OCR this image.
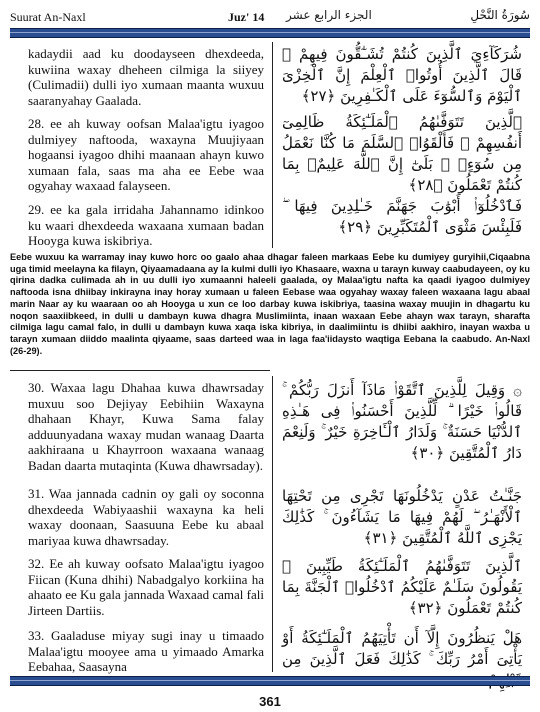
Suurat An-Naxl	Juz' 14 الجزء الرابع عشر	سُورَةُ النَّحْلِ
kadaydii aad ku doodayseen dhexdeeda, kuwiina waxay dheheen cilmiga la siiyey (Culimadii) dulli iyo xumaan maanta wuxuu saaranyahay Gaalada.
28. ee ah kuway oofsan Malaa'igtu iyagoo dulmiyey naftooda, waxayna Muujiyaan hogaansi iyagoo dhihi maanaan ahayn kuwo xumaan fala, saas ma aha ee Eebe waa ogyahay waxaad falayseen.
29. ee ka gala irridaha Jahannamo idinkoo ku waari dhexdeeda waxaana xumaan badan Hooyga kuwa iskibriya.
شُرَكَآءِيَ ٱلَّذِينَ كُنتُمْ تُشَـٰٓقُّونَ فِيهِمْ ۚ قَالَ ٱلَّذِينَ أُوتُوا۟ ٱلْعِلْمَ إِنَّ ٱلْخِزْىَ ٱلْيَوْمَ وَٱلسُّوٓءَ عَلَى ٱلْكَـٰفِرِينَ ﴿٢٧﴾
ٱلَّذِينَ تَتَوَفَّىٰهُمُ ٱلْمَلَـٰٓئِكَةُ ظَالِمِىٓ أَنفُسِهِمْ ۖ فَأَلْقَوُا۟ ٱلسَّلَمَ مَا كُنَّا نَعْمَلُ مِن سُوٓءٍۭ ۚ بَلَىٰٓ إِنَّ ٱللَّهَ عَلِيمٌۢ بِمَا كُنتُمْ تَعْمَلُونَ ﴿٢٨﴾
فَٱدْخُلُوٓا۟ أَبْوَٰبَ جَهَنَّمَ خَـٰلِدِينَ فِيهَا ۖ فَلَبِئْسَ مَثْوَى ٱلْمُتَكَبِّرِينَ ﴿٢٩﴾
Eebe wuxuu ka warramay inay kuwo horc oo gaalo ahaa dhagar faleen markaas Eebe ku dumiyey guryihii,Ciqaabna uga timid meelayna ka filayn, Qiyaamadaana ay la kulmi dulli iyo Khasaare, waxna u tarayn kuway caabudayeen, oy ku qirina dadka culimada ah in uu dulli iyo xumaanni haleeli gaalada, oy Malaa'igtu nafta ka qaadi iyagoo dulmiyey naftooda isna dhiibay inkirayna inay horay xumaan u faleen Eebase waa ogyahay waxay faleen waxaana lagu abaal marin Naar ay ku waaraan oo ah Hooyga u xun ce loo darbay kuwa iskibriya, taasina waxay muujin in dhagartu ku noqon saaxiibkeed, in dulli u dambayn kuwa dhagra Muslimiinta, inaan waxaan Eebe ahayn wax tarayn, sharafta cilmiga lagu camal falo, in dulli u dambayn kuwa xaqa iska kibriya, in daalimiintu is dhiibi aakhiro, inayan waxba u tarayn xumaan diiddo maalinta qiyaame, saas darteed waa in laga faa'iidaysto waqtiga Eebana la caabudo. An-Naxl (26-29).
30. Waxaa lagu Dhahaa kuwa dhawrsaday muxuu soo Dejiyay Eebihiin Waxayna dhahaan Khayr, Kuwa Sama falay adduunyadana waxay mudan wanaag Daarta aakhiraana u Khayrroon waxaana wanaag Badan daarta mutaqinta (Kuwa dhawrsaday).
31. Waa jannada cadnin oy gali oy soconna dhexdeeda Wabiyaashii waxayna ka heli waxay doonaan, Saasuuna Eebe ku abaal mariyaa kuwa dhawrsaday.
32. Ee ah kuway oofsato Malaa'igtu iyagoo Fiican (Kuna dhihi) Nabadgalyo korkiina ha ahaato ee Ku gala jannada Waxaad camal fali Jirteen Dartiis.
33. Gaaladuse miyay sugi inay u timaado Malaa'igtu mooyee ama u yimaado Amarka Eebahaa, Saasayna
۞ وَقِيلَ لِلَّذِينَ ٱتَّقَوْا۟ مَاذَآ أَنزَلَ رَبُّكُمْ ۚ قَالُوا۟ خَيْرًا ۗ لِّلَّذِينَ أَحْسَنُوا۟ فِى هَـٰذِهِ ٱلدُّنْيَا حَسَنَةٌ ۚ وَلَدَارُ ٱلْـَٔاخِرَةِ خَيْرٌ ۚ وَلَنِعْمَ دَارُ ٱلْمُتَّقِينَ ﴿٣٠﴾
جَنَّـٰتُ عَدْنٍ يَدْخُلُونَهَا تَجْرِى مِن تَحْتِهَا ٱلْأَنْهَـٰرُ ۖ لَهُمْ فِيهَا مَا يَشَآءُونَ ۚ كَذَٰلِكَ يَجْزِى ٱللَّهُ ٱلْمُتَّقِينَ ﴿٣١﴾
ٱلَّذِينَ تَتَوَفَّىٰهُمُ ٱلْمَلَـٰٓئِكَةُ طَيِّبِينَ ۙ يَقُولُونَ سَلَـٰمٌ عَلَيْكُمُ ٱدْخُلُوا۟ ٱلْجَنَّةَ بِمَا كُنتُمْ تَعْمَلُونَ ﴿٣٢﴾
هَلْ يَنظُرُونَ إِلَّآ أَن تَأْتِيَهُمُ ٱلْمَلَـٰٓئِكَةُ أَوْ يَأْتِىَ أَمْرُ رَبِّكَ ۚ كَذَٰلِكَ فَعَلَ ٱلَّذِينَ مِن
361
